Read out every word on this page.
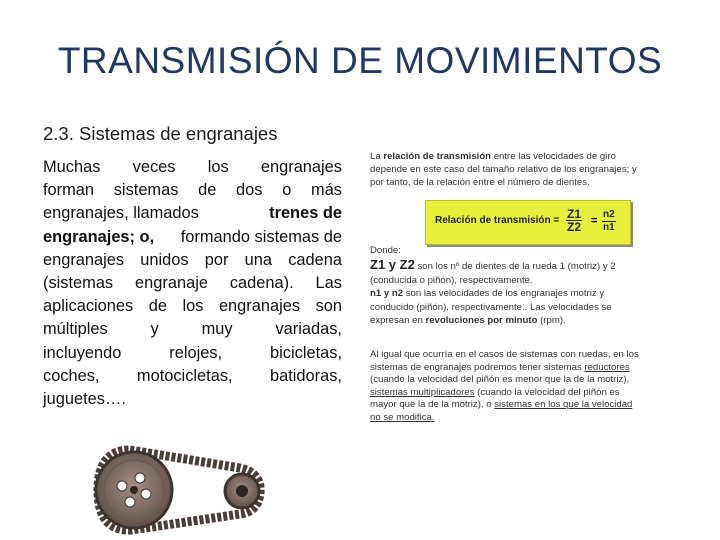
TRANSMISIÓN DE MOVIMIENTOS
2.3. Sistemas de engranajes
Muchas veces los engranajes
forman sistemas de dos o más
engranajes, llamados	trenes de
engranajes; o, formando sistemas de
engranajes unidos por una cadena
(sistemas engranaje cadena). Las
aplicaciones de los engranajes son
múltiples y muy variadas,
incluyendo relojes, bicicletas,
coches, motocicletas, batidoras,
juguetes….
La relación de transmisión entre las velocidades de giro
depende en este caso del tamaño relativo de los engranajes; y
por tanto, de la relación entre el número de dientes.
Relación de transmisión = $\frac{Z1}{Z2} = \frac{n2}{n1}$
Donde:
Z1 y Z2 son los nº de dientes de la rueda 1 (motriz) y 2
(conducida o piñón), respectivamente.
n1 y n2 son las velocidades de los engranajes motriz y
conducido (piñón), respectivamente.. Las velocidades se
expresan en revoluciones por minuto (rpm).
Al igual que ocurría en el casos de sistemas con ruedas, en los
sistemas de engranajes podremos tener sistemas reductores
(cuando la velocidad del piñón es menor que la de la motriz),
sistemas multiplicadores (cuando la velocidad del piñón es
mayor que la de la motriz), o sistemas en los que la velocidad
no se modifica.
